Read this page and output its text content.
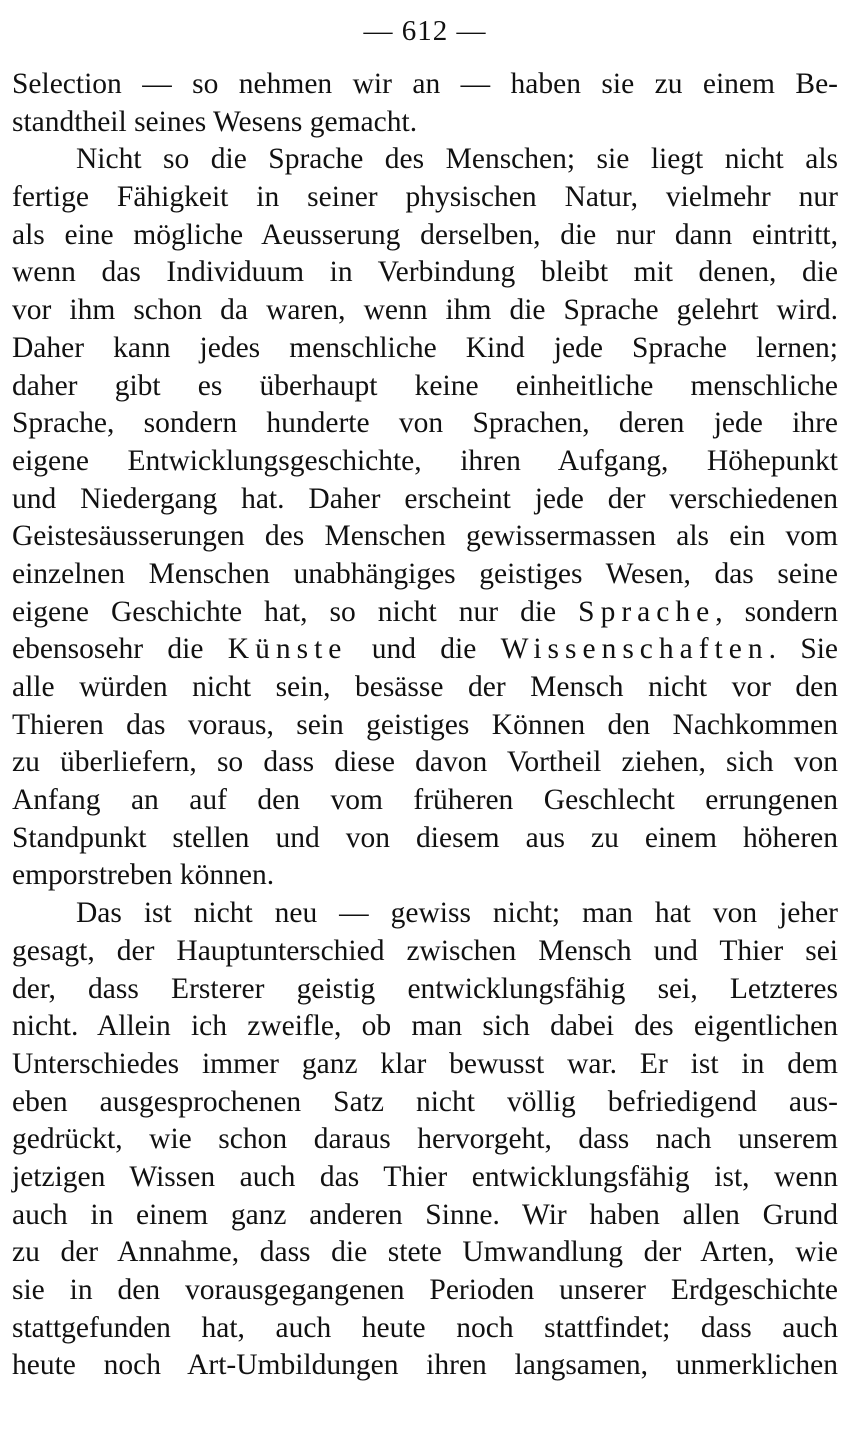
— 612 —
Selection — so nehmen wir an — haben sie zu einem Be-
standtheil seines Wesens gemacht.
Nicht so die Sprache des Menschen; sie liegt nicht als
fertige Fähigkeit in seiner physischen Natur, vielmehr nur
als eine mögliche Aeusserung derselben, die nur dann eintritt,
wenn das Individuum in Verbindung bleibt mit denen, die
vor ihm schon da waren, wenn ihm die Sprache gelehrt wird.
Daher kann jedes menschliche Kind jede Sprache lernen;
daher gibt es überhaupt keine einheitliche menschliche
Sprache, sondern hunderte von Sprachen, deren jede ihre
eigene Entwicklungsgeschichte, ihren Aufgang, Höhepunkt
und Niedergang hat. Daher erscheint jede der verschiedenen
Geistesäusserungen des Menschen gewissermassen als ein vom
einzelnen Menschen unabhängiges geistiges Wesen, das seine
eigene Geschichte hat, so nicht nur die Sprache, sondern
ebensosehr die Künste und die Wissenschaften. Sie
alle würden nicht sein, besässe der Mensch nicht vor den
Thieren das voraus, sein geistiges Können den Nachkommen
zu überliefern, so dass diese davon Vortheil ziehen, sich von
Anfang an auf den vom früheren Geschlecht errungenen
Standpunkt stellen und von diesem aus zu einem höheren
emporstreben können.
Das ist nicht neu — gewiss nicht; man hat von jeher
gesagt, der Hauptunterschied zwischen Mensch und Thier sei
der, dass Ersterer geistig entwicklungsfähig sei, Letzteres
nicht. Allein ich zweifle, ob man sich dabei des eigentlichen
Unterschiedes immer ganz klar bewusst war. Er ist in dem
eben ausgesprochenen Satz nicht völlig befriedigend aus-
gedrückt, wie schon daraus hervorgeht, dass nach unserem
jetzigen Wissen auch das Thier entwicklungsfähig ist, wenn
auch in einem ganz anderen Sinne. Wir haben allen Grund
zu der Annahme, dass die stete Umwandlung der Arten, wie
sie in den vorausgegangenen Perioden unserer Erdgeschichte
stattgefunden hat, auch heute noch stattfindet; dass auch
heute noch Art-Umbildungen ihren langsamen, unmerklichen
